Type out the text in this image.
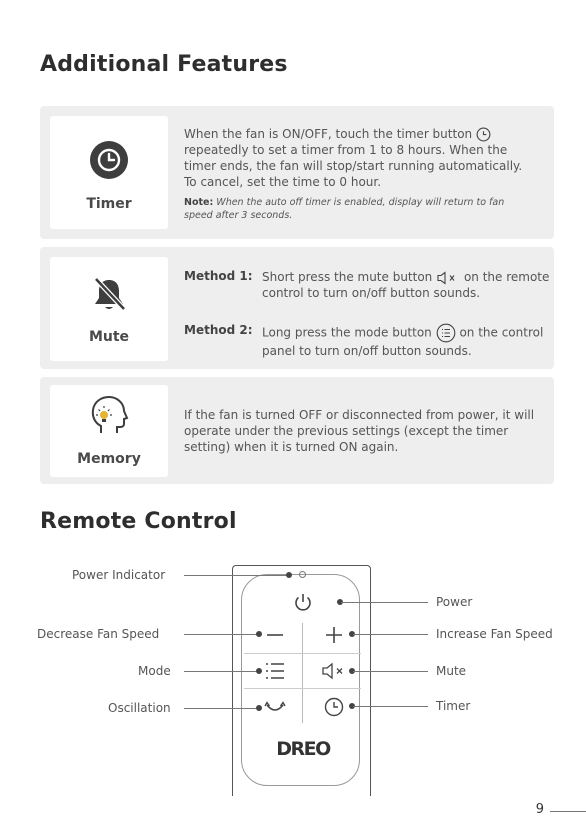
Additional Features
Timer
When the fan is ON/OFF, touch the timer button  repeatedly to set a timer from 1 to 8 hours. When the timer ends, the fan will stop/start running automatically. To cancel, set the time to 0 hour.
Note: When the auto off timer is enabled, display will return to fan speed after 3 seconds.
Mute
Method 1: Short press the mute button	on the remote control to turn on/off button sounds.
Method 2: Long press the mode button on the control panel to turn on/off button sounds.
Memory
If the fan is turned OFF or disconnected from power, it will operate under the previous settings (except the timer setting) when it is turned ON again.
Remote Control
DREO
Power Indicator
Decrease Fan Speed
Mode
Oscillation
Power
Increase Fan Speed
Mute
Timer
9
